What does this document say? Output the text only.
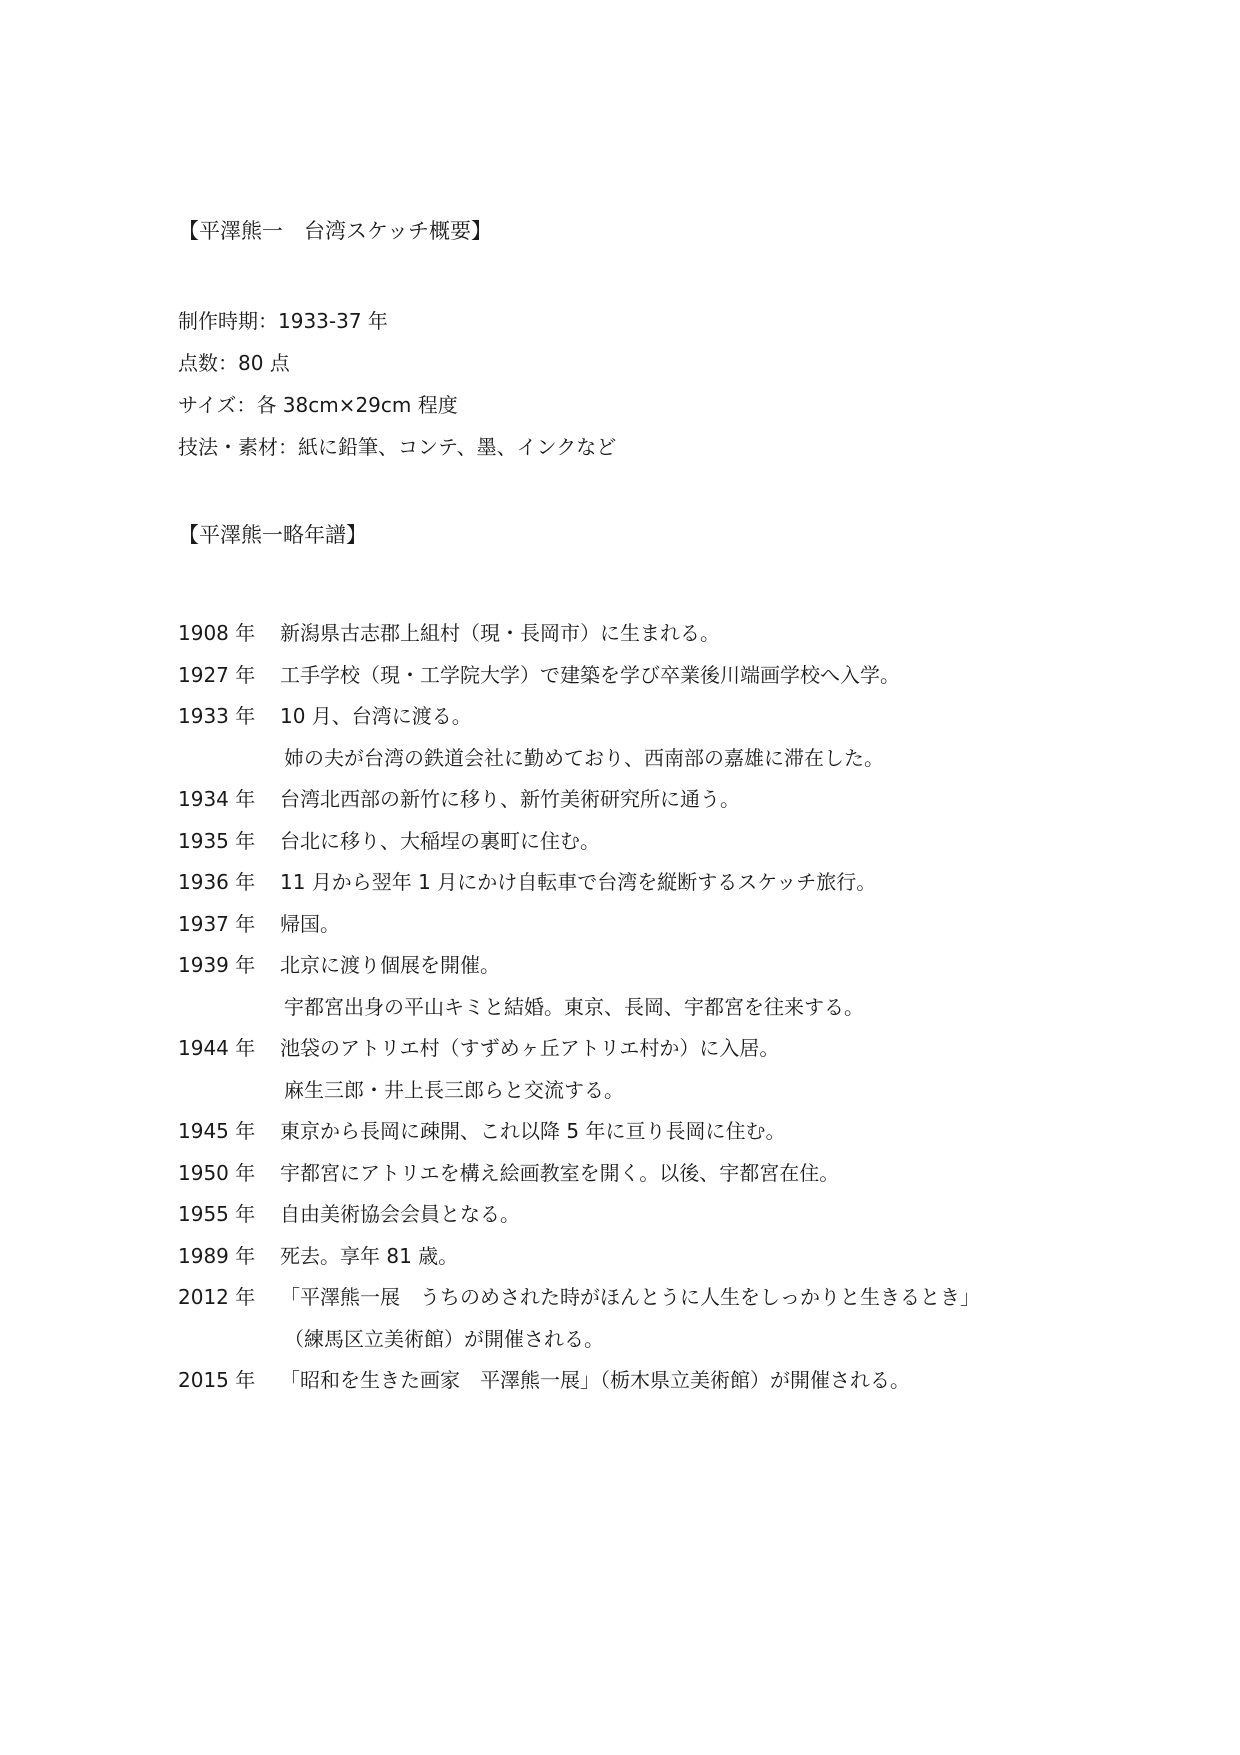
【平澤熊一　台湾スケッチ概要】
制作時期：1933-37 年
点数：80 点
サイズ：各 38cm×29cm 程度
技法・素材：紙に鉛筆、コンテ、墨、インクなど
【平澤熊一略年譜】
1908 年	新潟県古志郡上組村（現・長岡市）に生まれる。
1927 年	工手学校（現・工学院大学）で建築を学び卒業後川端画学校へ入学。
1933 年	10 月、台湾に渡る。
姉の夫が台湾の鉄道会社に勤めており、西南部の嘉雄に滞在した。
1934 年	台湾北西部の新竹に移り、新竹美術研究所に通う。
1935 年	台北に移り、大稲埕の裏町に住む。
1936 年	11 月から翌年 1 月にかけ自転車で台湾を縦断するスケッチ旅行。
1937 年	帰国。
1939 年	北京に渡り個展を開催。
宇都宮出身の平山キミと結婚。東京、長岡、宇都宮を往来する。
1944 年	池袋のアトリエ村（すずめヶ丘アトリエ村か）に入居。
麻生三郎・井上長三郎らと交流する。
1945 年	東京から長岡に疎開、これ以降 5 年に亘り長岡に住む。
1950 年	宇都宮にアトリエを構え絵画教室を開く。以後、宇都宮在住。
1955 年	自由美術協会会員となる。
1989 年	死去。享年 81 歳。
2012 年	「平澤熊一展　うちのめされた時がほんとうに人生をしっかりと生きるとき」
（練馬区立美術館）が開催される。
2015 年	「昭和を生きた画家　平澤熊一展」（栃木県立美術館）が開催される。
